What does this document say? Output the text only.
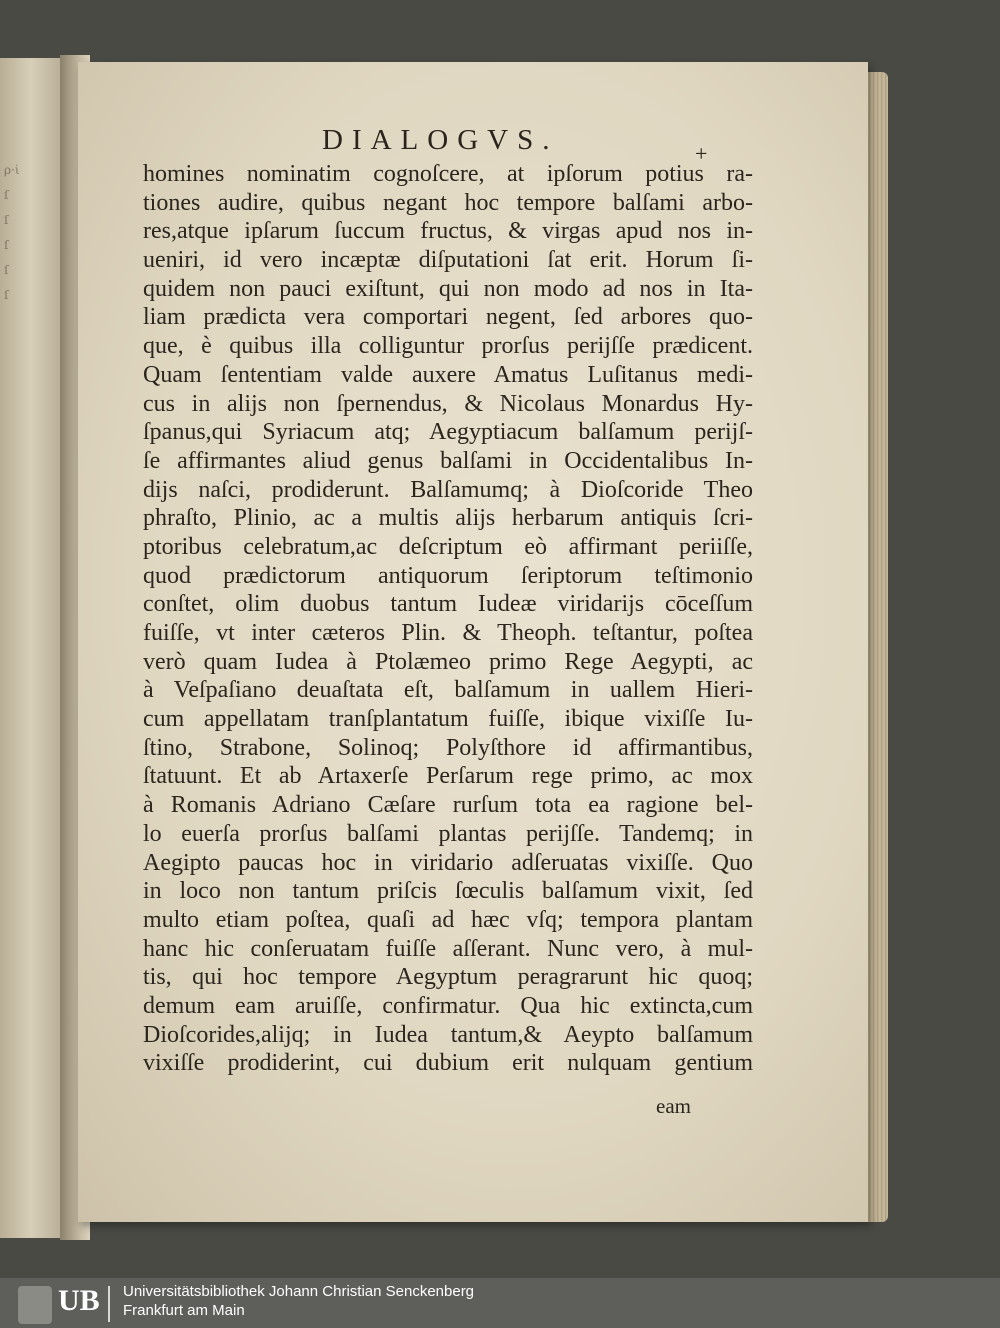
ρ·ι̇
ſ
ſ
ſ
ſ
ſ
DIALOGVS.	+
homines nominatim cognoſcere, at ipſorum potius ra-
tiones audire, quibus negant hoc tempore balſami arbo-
res,atque ipſarum ſuccum fructus, & virgas apud nos in-
ueniri, id vero incæptæ diſputationi ſat erit. Horum ſi-
quidem non pauci exiſtunt, qui non modo ad nos in Ita-
liam prædicta vera comportari negent, ſed arbores quo-
que, è quibus illa colliguntur prorſus perijſſe prædicent.
Quam ſententiam valde auxere Amatus Luſitanus medi-
cus in alijs non ſpernendus, & Nicolaus Monardus Hy-
ſpanus,qui Syriacum atq; Aegyptiacum balſamum perijſ-
ſe affirmantes aliud genus balſami in Occidentalibus In-
dijs naſci, prodiderunt. Balſamumq; à Dioſcoride Theo
phraſto, Plinio, ac a multis alijs herbarum antiquis ſcri-
ptoribus celebratum,ac deſcriptum eò affirmant periiſſe,
quod prædictorum antiquorum ſeriptorum teſtimonio
conſtet, olim duobus tantum Iudeæ viridarijs cōceſſum
fuiſſe, vt inter cæteros Plin. & Theoph. teſtantur, poſtea
verò quam Iudea à Ptolæmeo primo Rege Aegypti, ac
à Veſpaſiano deuaſtata eſt, balſamum in uallem Hieri-
cum appellatam tranſplantatum fuiſſe, ibique vixiſſe Iu-
ſtino, Strabone, Solinoq; Polyſthore id affirmantibus,
ſtatuunt. Et ab Artaxerſe Perſarum rege primo, ac mox
à Romanis Adriano Cæſare rurſum tota ea ragione bel-
lo euerſa prorſus balſami plantas perijſſe. Tandemq; in
Aegipto paucas hoc in viridario adſeruatas vixiſſe. Quo
in loco non tantum priſcis ſœculis balſamum vixit, ſed
multo etiam poſtea, quaſi ad hæc vſq; tempora plantam
hanc hic conſeruatam fuiſſe aſſerant. Nunc vero, à mul-
tis, qui hoc tempore Aegyptum peragrarunt hic quoq;
demum eam aruiſſe, confirmatur. Qua hic extincta,cum
Dioſcorides,alijq; in Iudea tantum,& Aeypto balſamum
vixiſſe prodiderint, cui dubium erit nulquam gentium
eam
UB Universitätsbibliothek Johann Christian Senckenberg
Frankfurt am Main
